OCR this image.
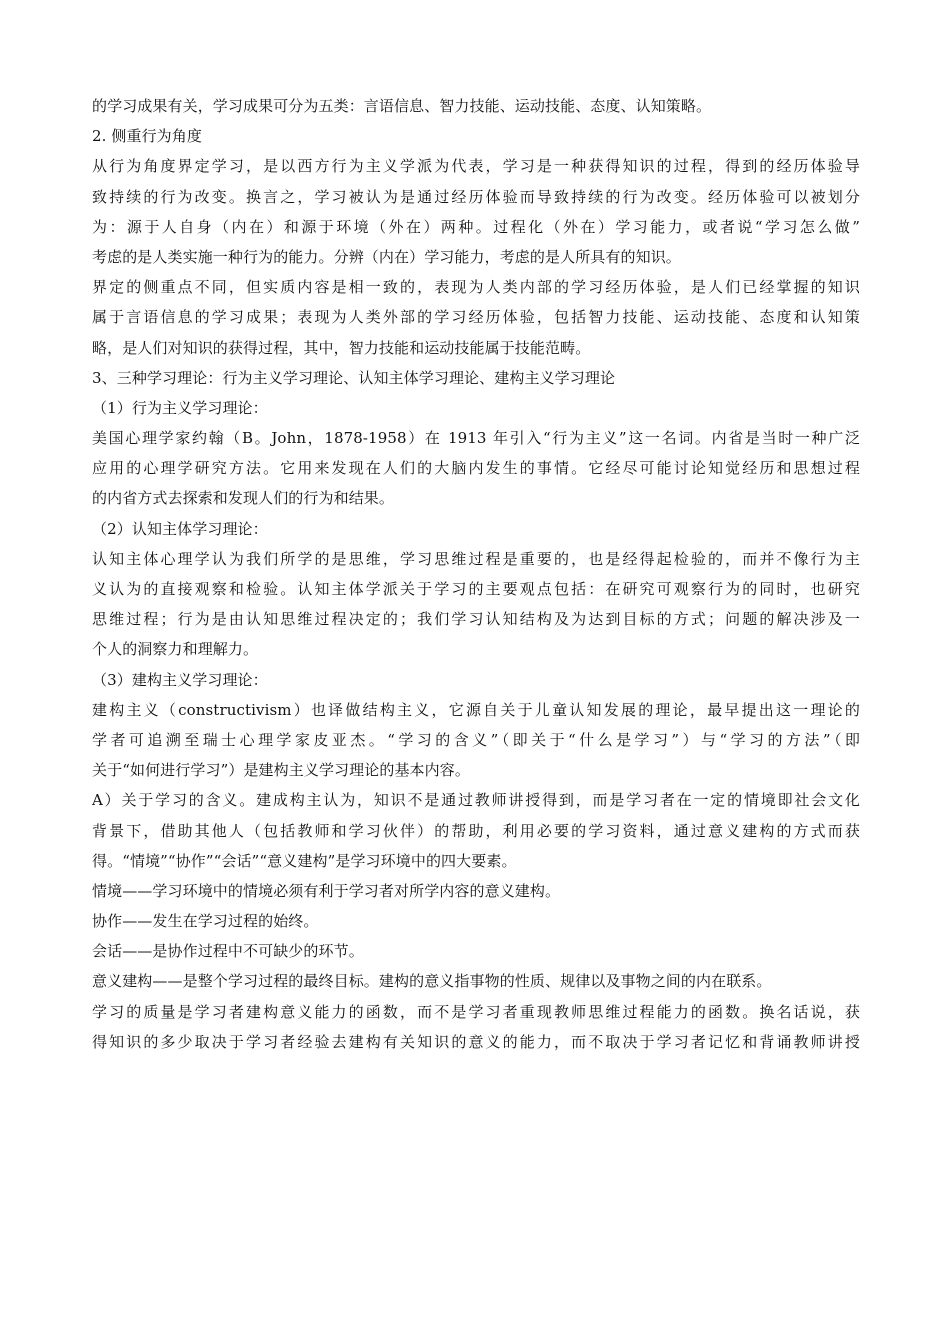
的学习成果有关，学习成果可分为五类：言语信息、智力技能、运动技能、态度、认知策略。
2. 侧重行为角度
从行为角度界定学习，是以西方行为主义学派为代表，学习是一种获得知识的过程，得到的经历体验导
致持续的行为改变。换言之，学习被认为是通过经历体验而导致持续的行为改变。经历体验可以被划分
为：源于人自身（内在）和源于环境（外在）两种。过程化（外在）学习能力，或者说“学习怎么做”
考虑的是人类实施一种行为的能力。分辨（内在）学习能力，考虑的是人所具有的知识。
界定的侧重点不同，但实质内容是相一致的，表现为人类内部的学习经历体验，是人们已经掌握的知识
属于言语信息的学习成果；表现为人类外部的学习经历体验，包括智力技能、运动技能、态度和认知策
略，是人们对知识的获得过程，其中，智力技能和运动技能属于技能范畴。
3、三种学习理论：行为主义学习理论、认知主体学习理论、建构主义学习理论
（1）行为主义学习理论：
美国心理学家约翰（B。John，1878-1958）在 1913 年引入“行为主义”这一名词。内省是当时一种广泛
应用的心理学研究方法。它用来发现在人们的大脑内发生的事情。它经尽可能讨论知觉经历和思想过程
的内省方式去探索和发现人们的行为和结果。
（2）认知主体学习理论：
认知主体心理学认为我们所学的是思维，学习思维过程是重要的，也是经得起检验的，而并不像行为主
义认为的直接观察和检验。认知主体学派关于学习的主要观点包括：在研究可观察行为的同时，也研究
思维过程；行为是由认知思维过程决定的；我们学习认知结构及为达到目标的方式；问题的解决涉及一
个人的洞察力和理解力。
（3）建构主义学习理论：
建构主义（constructivism）也译做结构主义，它源自关于儿童认知发展的理论，最早提出这一理论的
学者可追溯至瑞士心理学家皮亚杰。“学习的含义”（即关于“什么是学习”）与“学习的方法”（即
关于“如何进行学习”）是建构主义学习理论的基本内容。
A）关于学习的含义。建成构主认为，知识不是通过教师讲授得到，而是学习者在一定的情境即社会文化
背景下，借助其他人（包括教师和学习伙伴）的帮助，利用必要的学习资料，通过意义建构的方式而获
得。“情境”“协作”“会话”“意义建构”是学习环境中的四大要素。
情境——学习环境中的情境必须有利于学习者对所学内容的意义建构。
协作——发生在学习过程的始终。
会话——是协作过程中不可缺少的环节。
意义建构——是整个学习过程的最终目标。建构的意义指事物的性质、规律以及事物之间的内在联系。
学习的质量是学习者建构意义能力的函数，而不是学习者重现教师思维过程能力的函数。换名话说，获
得知识的多少取决于学习者经验去建构有关知识的意义的能力，而不取决于学习者记忆和背诵教师讲授
